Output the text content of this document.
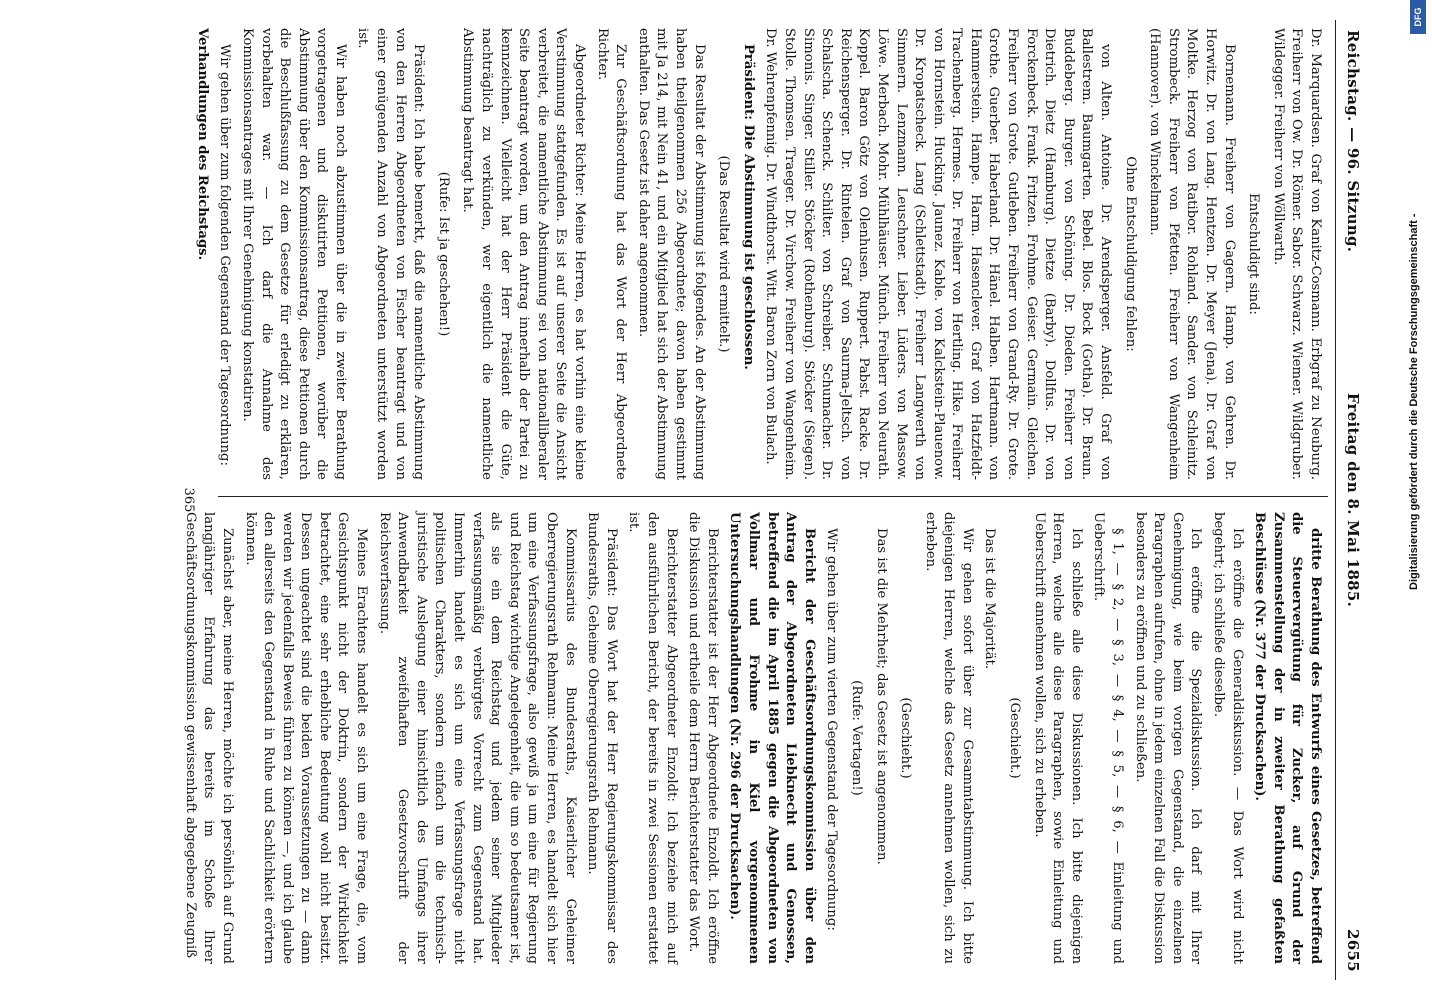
Reichstag. — 96. Sitzung.
Freitag den 8. Mai 1885.
2655

Dr. Marquardsen. Graf von Kanitz-Cosmann. Erbgraf zu Neuburg. Freiherr von Ow. Dr. Römer. Sabor. Schwarz. Wiemer. Wildgruber. Wildegger. Freiherr von Wöllwarth.

Entschuldigt sind:

Bornemann. Freiherr von Gagern. Hamp. von Gehren. Dr. Horwitz. Dr. von Lang. Hentzen. Dr. Meyer (Jena). Dr. Graf von Moltke. Herzog von Ratibor. Rohland. Sander. von Schleinitz. Strombeck. Freiherr von Pfetten. Freiherr von Wangenheim (Hannover). von Winckelmann.

Ohne Entschuldigung fehlen:

von Alten. Antoine. Dr. Arendsperger. Ansfeld. Graf von Ballestrem. Baumgarten. Bebel. Blos. Bock (Gotha). Dr. Braun. Buddeberg. Burger. von Schöning. Dr. Dieden. Freiherr von Dietrich. Dietz (Hamburg). Dietze (Barby). Dollfus. Dr. von Forckenbeck. Frank. Fritzen. Frohme. Geiser. Germain. Gleichen. Freiherr von Grote. Gutleben. Freiherr von Grand-Ry. Dr. Grote. Grothe. Guerber. Haberland. Dr. Hänel. Halben. Hartmann. von Hammerstein. Hampe. Harm. Hasenclever. Graf von Hatzfeldt-Trachenberg. Hermes. Dr. Freiherr von Hertling. Hike. Freiherr von Hornstein. Hucking. Jaunez. Kable. von Kalckstein-Plauenow. Dr. Kropatscheck. Lang (Schlettstadt). Freiherr Langwerth von Simmern. Lenzmann. Leuschner. Lieber. Lüders. von Massow. Löwe. Merbach. Mohr. Mühlhäuser. Münch. Freiherr von Neurath. Koppel. Baron Götz von Olenhusen. Ruppert. Pabst. Racke. Dr. Reichensperger. Dr. Rintelen. Graf von Saurma-Jeltsch. von Schalscha. Schenck. Schilter. von Schreiber. Schumacher. Dr. Simonis. Singer. Stiller. Stöcker (Rothenburg). Stöcker (Siegen). Stolle. Thomsen. Traeger. Dr. Virchow. Freiherr von Wangenheim. Dr. Wehrenpfennig. Dr. Windthorst. Witt. Baron Zorn von Bulach.

Präsident: Die Abstimmung ist geschlossen.

(Das Resultat wird ermittelt.)

Das Resultat der Abstimmung ist folgendes. An der Abstimmung haben theilgenommen 256 Abgeordnete; davon haben gestimmt mit Ja 214, mit Nein 41, und ein Mitglied hat sich der Abstimmung enthalten. Das Gesetz ist daher angenommen.

Zur Geschäftsordnung hat das Wort der Herr Abgeordnete Richter.

Abgeordneter Richter: Meine Herren, es hat vorhin eine kleine Verstimmung stattgefunden. Es ist auf unserer Seite die Ansicht verbreitet, die namentliche Abstimmung sei von nationalliberaler Seite beantragt worden, um den Antrag innerhalb der Partei zu kennzeichnen. Vielleicht hat der Herr Präsident die Güte, nachträglich zu verkünden, wer eigentlich die namentliche Abstimmung beantragt hat.

(Rufe: Ist ja geschehen!)

Präsident: Ich habe bemerkt, daß die namentliche Abstimmung von den Herren Abgeordneten von Fischer beantragt und von einer genügenden Anzahl von Abgeordneten unterstützt worden ist.

Wir haben noch abzustimmen über die in zweiter Berathung vorgetragenen und diskutirten Petitionen, worüber die Abstimmung über den Kommissionsantrag, diese Petitionen durch die Beschlußfassung zu dem Gesetze für erledigt zu erklären, vorbehalten war. — Ich darf die Annahme des Kommissionsantrages mit Ihrer Genehmigung konstatiren.

Wir gehen über zum folgenden Gegenstand der Tagesordnung:

Verhandlungen des Reichstags.

dritte Berathung des Entwurfs eines Gesetzes, betreffend die Steuervergütung für Zucker, auf Grund der Zusammenstellung der in zweiter Berathung gefaßten Beschlüsse (Nr. 377 der Drucksachen).

Ich eröffne die Generaldiskussion. — Das Wort wird nicht begehrt; ich schließe dieselbe.

Ich eröffne die Spezialdiskussion. Ich darf mit Ihrer Genehmigung, wie beim vorigen Gegenstand, die einzelnen Paragraphen aufrufen, ohne in jedem einzelnen Fall die Diskussion besonders zu eröffnen und zu schließen.

§ 1, — § 2, — § 3, — § 4, — § 5, — § 6, — Einleitung und Ueberschrift.

Ich schließe alle diese Diskussionen. Ich bitte diejenigen Herren, welche alle diese Paragraphen, sowie Einleitung und Ueberschrift annehmen wollen, sich zu erheben.

(Geschieht.)

Das ist die Majorität.

Wir gehen sofort über zur Gesammtabstimmung. Ich bitte diejenigen Herren, welche das Gesetz annehmen wollen, sich zu erheben.

(Geschieht.)

Das ist die Mehrheit; das Gesetz ist angenommen.

(Rufe: Vertagen!)

Wir gehen über zum vierten Gegenstand der Tagesordnung:

Bericht der Geschäftsordnungskommission über den Antrag der Abgeordneten Liebknecht und Genossen, betreffend die im April 1885 gegen die Abgeordneten von Vollmar und Frohme in Kiel vorgenommenen Untersuchungshandlungen (Nr. 296 der Drucksachen).

Berichterstatter ist der Herr Abgeordnete Enzoldt. Ich eröffne die Diskussion und ertheile dem Herrn Berichterstatter das Wort.

Berichterstatter Abgeordneter Enzoldt: Ich beziehe mich auf den ausführlichen Bericht, der bereits in zwei Sessionen erstattet ist.

Präsident: Das Wort hat der Herr Regierungskommissar des Bundesraths, Geheime Oberregierungsrath Rehmann.

Kommissarius des Bundesraths, Kaiserlicher Geheimer Oberregierungsrath Rehmann: Meine Herren, es handelt sich hier um eine Verfassungsfrage, also gewiß ja um eine für Regierung und Reichstag wichtige Angelegenheit, die um so bedeutsamer ist, als sie ein dem Reichstag und jedem seiner Mitglieder verfassungsmäßig verbürgtes Vorrecht zum Gegenstand hat. Immerhin handelt es sich um eine Verfassungsfrage nicht politischen Charakters, sondern einfach um die technisch-juristische Auslegung einer hinsichtlich des Umfangs ihrer Anwendbarkeit zweifelhaften Gesetzvorschrift der Reichsverfassung.

Meines Erachtens handelt es sich um eine Frage, die, vom Gesichtspunkt nicht der Doktrin, sondern der Wirklichkeit betrachtet, eine sehr erhebliche Bedeutung wohl nicht besitzt. Dessen ungeachtet sind die beiden Voraussetzungen zu — dann werden wir jedenfalls Beweis führen zu können —, und ich glaube den allerseits den Gegenstand in Ruhe und Sachlichkeit erörtern können.

Zunächst aber, meine Herren, möchte ich persönlich auf Grund langjähriger Erfahrung das bereits im Schoße Ihrer Geschäftsordnungskommission gewissenhaft abgegebene Zeugniß

365
DFG
Digitalisierung gefördert durch die Deutsche Forschungsgemeinschaft -
